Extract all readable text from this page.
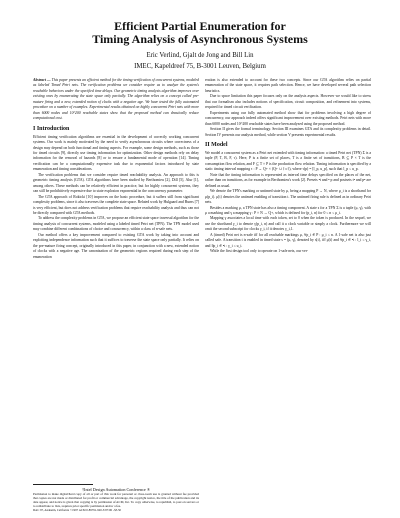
Efficient Partial Enumeration for
Timing Analysis of Asynchronous Systems
Eric Verlind, Gjalt de Jong and Bill Lin
IMEC, Kapeldreef 75, B-3001 Leuven, Belgium

Abstract — This paper presents an efficient method for the timing verification of concurrent systems, modeled as labeled Timed Petri nets. The verification problems we consider require us to analyze the system's reachable behaviors under the specified time delays. Our geometric timing analysis algorithm improves over existing ones by enumerating the state space only partially. The algorithm relies on a concept called pre-mature firing and a new, extended notion of clocks with a negative age. We have tested the fully automated procedure on a number of examples. Experimental results obtained on highly concurrent Petri nets with more than 6000 nodes and 10^200 reachable states show that the proposed method can drastically reduce computational cost.

I Introduction

Efficient timing verification algorithms are essential in the development of correctly working concurrent systems. Our work is mainly motivated by the need to verify asynchronous circuits where correctness of a design may depend on both functional and timing aspects. For example, some design methods, such as those for timed circuits [9], directly use timing information for optimization. Other design methods rely on delay information for the removal of hazards [8] or to ensure a fundamental mode of operation [14]. Timing verification can be a computationally expensive task due to exponential factors introduced by state enumeration and timing considerations.

The verification problems that we consider require timed reachability analysis. An approach to this is geometric timing analysis (GTA). GTA algorithms have been studied by Berthomieu [2], Dill [5], Alur [1], among others. These methods can be relatively efficient in practice, but for highly concurrent systems, they can still be prohibitively expensive due to state explosion exponential in the concurrency parameter.

The GTA approach of Rokicki [10] improves on the basic procedure, but it suffers still from significant complexity problems, since it also traverses the complete state space. Related work by Hulgaard and Burns [7] is very efficient, but does not address verification problems that require reachability analysis and thus can not be directly compared with GTA methods.

To address the complexity problems in GTA, we propose an efficient state space traversal algorithm for the timing analysis of concurrent systems, modeled using a labeled timed Petri net (TPN). The TPN model used may combine different combinations of choice and concurrency, within a class of n-safe nets.

Our method offers a key improvement compared to existing GTA work by taking into account and exploiting independence information such that it suffices to traverse the state space only partially. It relies on the pre-mature firing concept, originally introduced in this paper, in conjunction with a new, extended notion of clocks with a negative age. The canonization of the geometric regions required during each step of the enumeration

eration is also extended to account for these two concepts. Since our GTA algorithm relies on partial enumeration of the state space, it requires path selection. Hence, we have developed several path selection heuristics.

Due to space limitation this paper focuses only on the analysis aspects. However we would like to stress that our formalism also includes notions of specification, circuit composition, and refinement into systems, required for timed circuit verification.

Experiments using our fully automated method show that for problems involving a high degree of concurrency, our approach indeed offers significant improvement over existing methods. Petri nets with more than 6000 nodes and 10^200 reachable states have been analyzed using the proposed method.

Section II gives the formal terminology. Section III examines GTA and its complexity problems in detail. Section IV presents our analysis method, while section V presents experimental results.

II Model

We model a concurrent system as a Petri net extended with timing information: a timed Petri net (TPN) Σ is a tuple (P, T, B, F, τ). Here, P is a finite set of places, T is a finite set of transitions, B ⊆ P × T is the consumption flow relation, and F ⊆ T × P is the production flow relation. Timing information is specified by a static timing interval mapping τ : P → Q+ × (Q+ ∪ {∞}), where τ(p) = [l_p, u_p], such that l_p ≤ u_p.

Note that the timing information is represented as interval time delays specified on the places of the net, rather than on transitions, as for example in Berthomieu's work [2]. Presets •t and • p and postsets t• and p• are defined as usual.

We denote the TPN's marking or untimed state by μ, being a mapping P → N, where μ_i is a shorthand for μ(p_i). μ[t⟩ denotes the untimed enabling of transition t. The untimed firing rule is defined as in ordinary Petri nets.

Besides a marking μ, a TPN state has also a timing component. A state s for a TPN Σ is a tuple (μ, γ), with μ a marking and γ a mapping γ : P × N → Q+, which is defined for (p_i, n) for 0 ≤ n ≤ μ_i.

Mapping γ associates a local time with each token, set to 0 when the token is produced. In the sequel, we use the shorthand γ_i to denote γ(p_i, n) and call it a clock variable or simply a clock. Furthermore we will omit the second subscript for clocks γ_i, if it denotes γ_i,1.

A (timed) Petri net is n-safe iff for all reachable markings μ, ∀p_i ∈ P : μ_i ≤ n. A 1-safe net is also just called safe. A transition t is enabled in timed state s = (μ, γ), denoted by s[t⟩, iff μ[t⟩ and ∀p_i ∈ •t : l_i ≤ γ_i, and ∃p_i ∈ •t : γ_i ≤ u_i.

While the first design tool only to operate on 1-safe nets, our ver-

†Intel Design Automation Conference ®
Permission to make digital/hard copy of all or part of this work for personal or class-room use is granted without fee provided that copies are not made or distributed for profit or commercial advantage, the copyright notice, the title of the publication and its date appear, and notice is given that copying is by permission of ACM, Inc. To copy otherwise, to republish, to post on servers or to redistribute to lists, requires prior specific permission and/or a fee.
DAC 97, Anaheim, California ©1997 ACM 0-89791-920-3/97/06 ..$3.50
